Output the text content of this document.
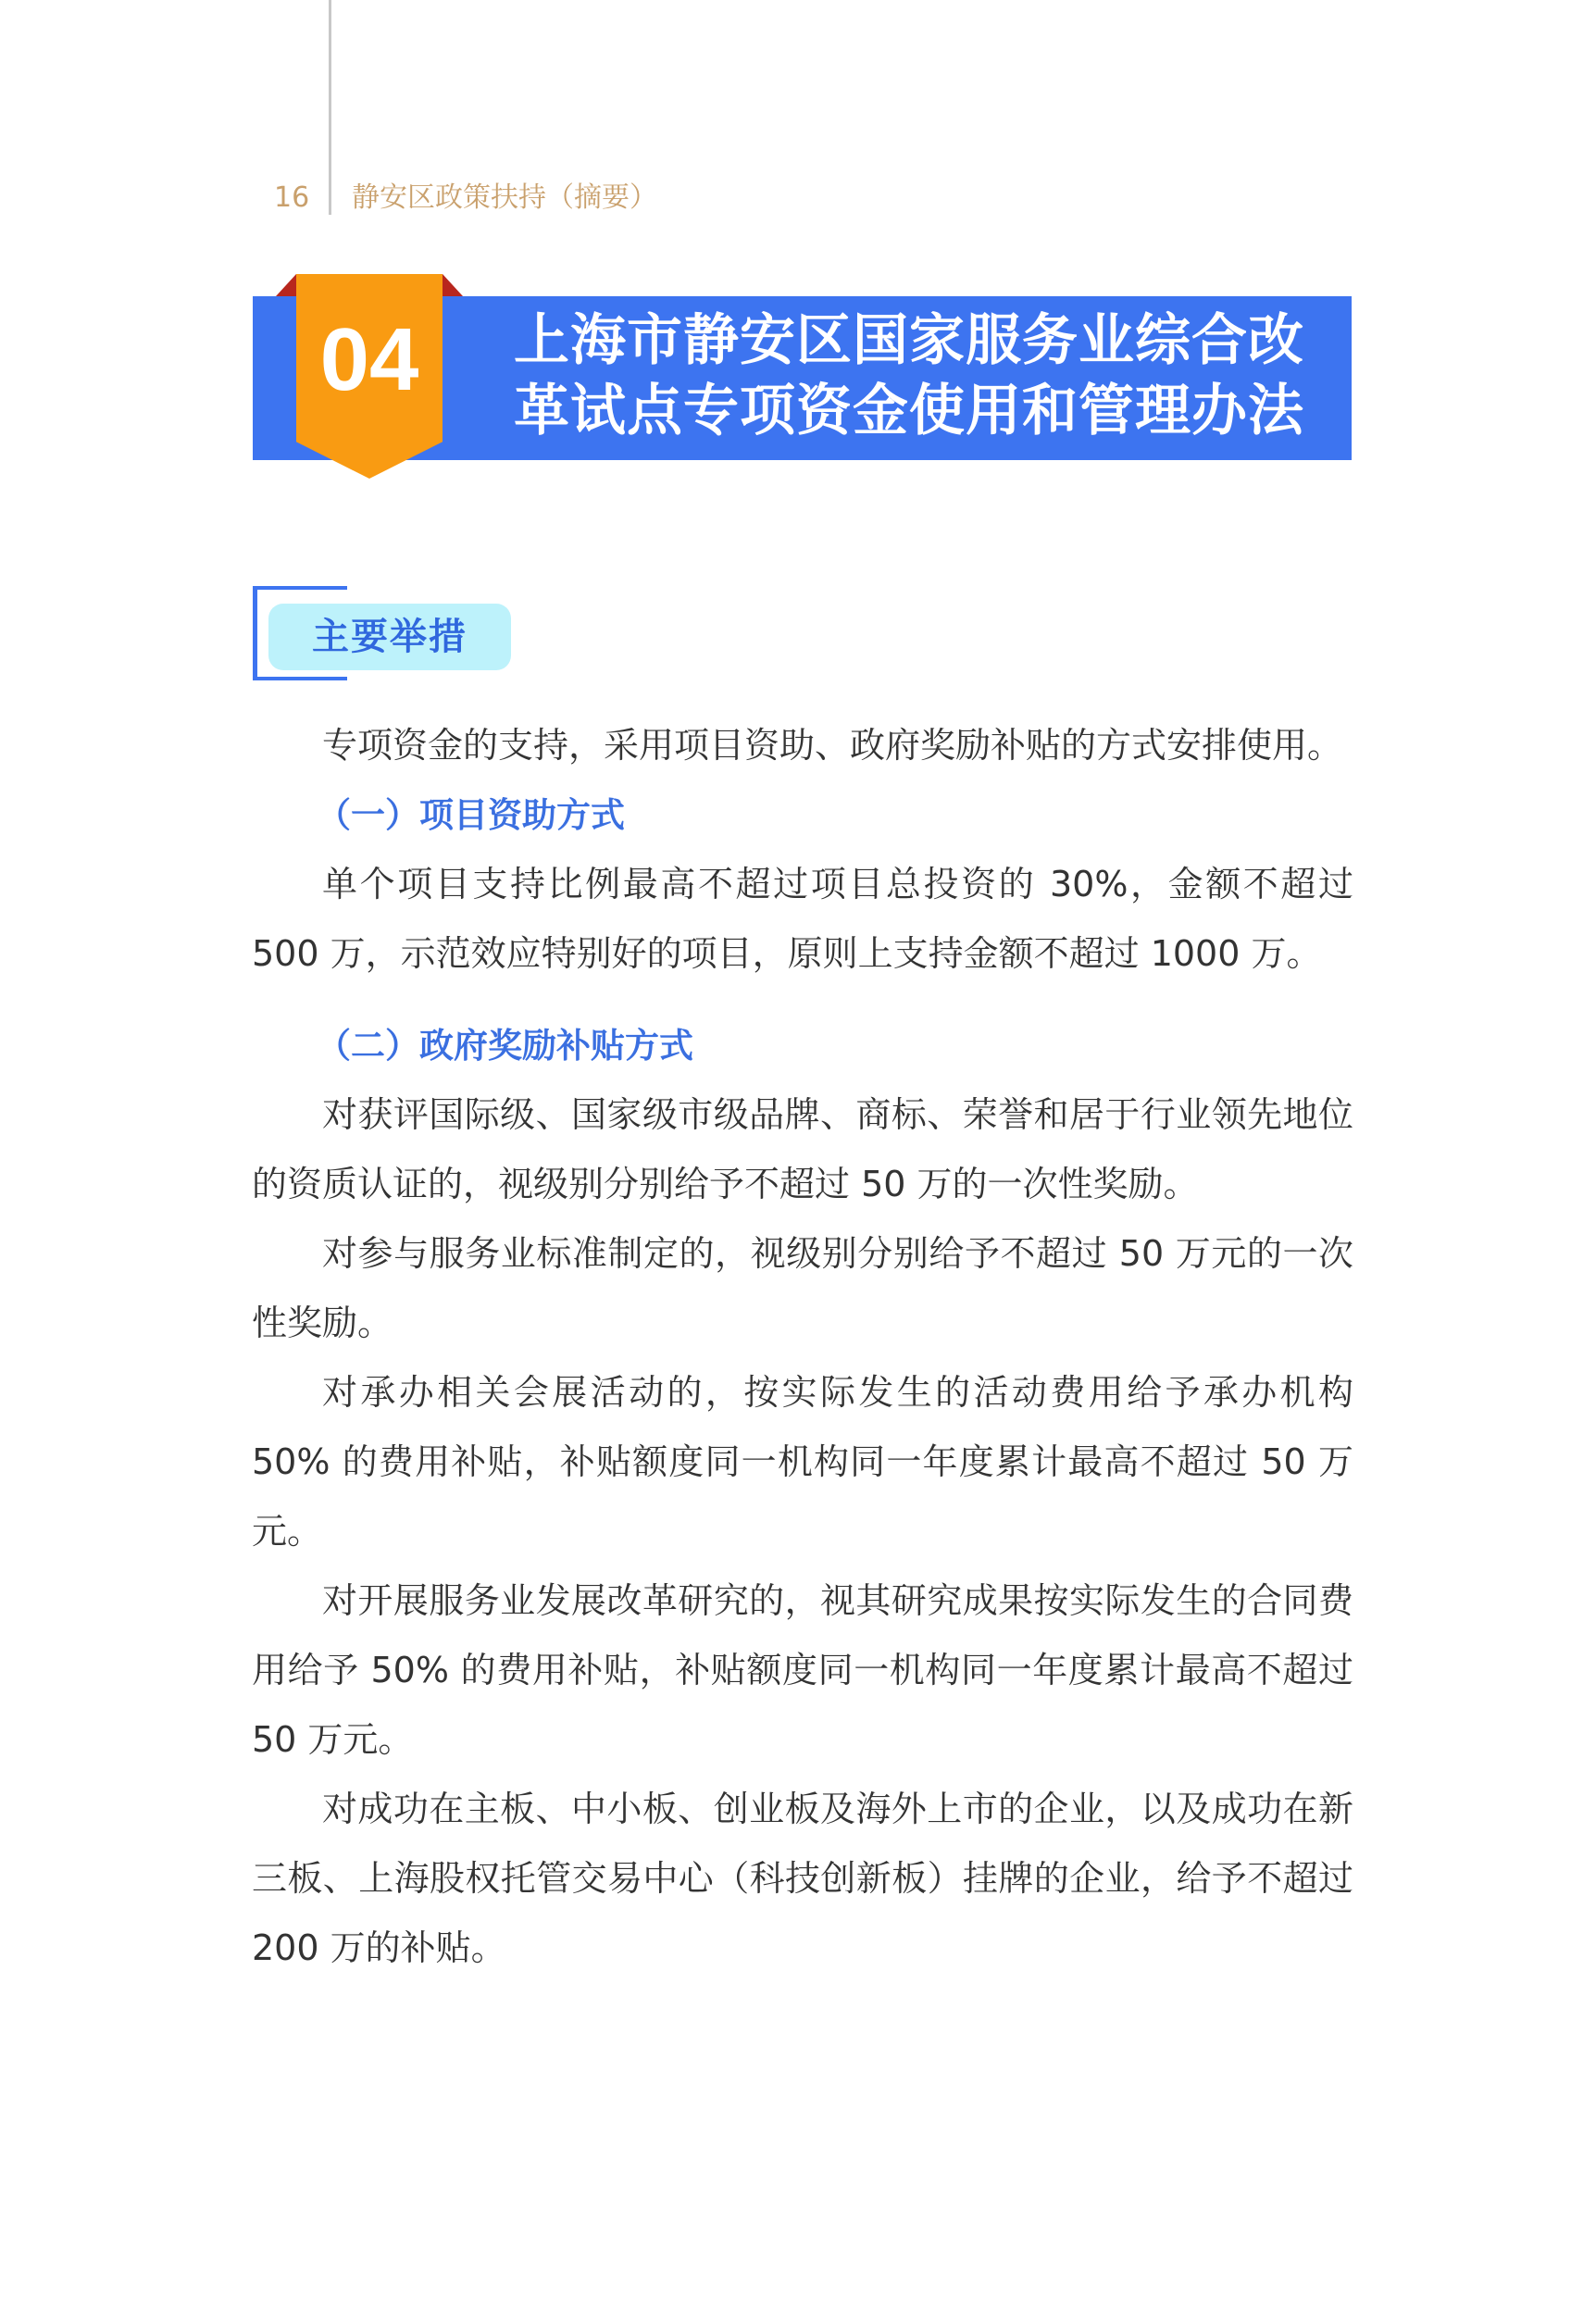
16 静安区政策扶持（摘要）
04	上海市静安区国家服务业综合改革试点专项资金使用和管理办法
主要举措

专项资金的支持，采用项目资助、政府奖励补贴的方式安排使用。

（一）项目资助方式

单个项目支持比例最高不超过项目总投资的 30%，金额不超过 500 万，示范效应特别好的项目，原则上支持金额不超过 1000 万。

（二）政府奖励补贴方式

对获评国际级、国家级市级品牌、商标、荣誉和居于行业领先地位的资质认证的，视级别分别给予不超过 50 万的一次性奖励。

对参与服务业标准制定的，视级别分别给予不超过 50 万元的一次性奖励。

对承办相关会展活动的，按实际发生的活动费用给予承办机构 50% 的费用补贴，补贴额度同一机构同一年度累计最高不超过 50 万元。

对开展服务业发展改革研究的，视其研究成果按实际发生的合同费用给予 50% 的费用补贴，补贴额度同一机构同一年度累计最高不超过 50 万元。

对成功在主板、中小板、创业板及海外上市的企业，以及成功在新三板、上海股权托管交易中心（科技创新板）挂牌的企业，给予不超过 200 万的补贴。
